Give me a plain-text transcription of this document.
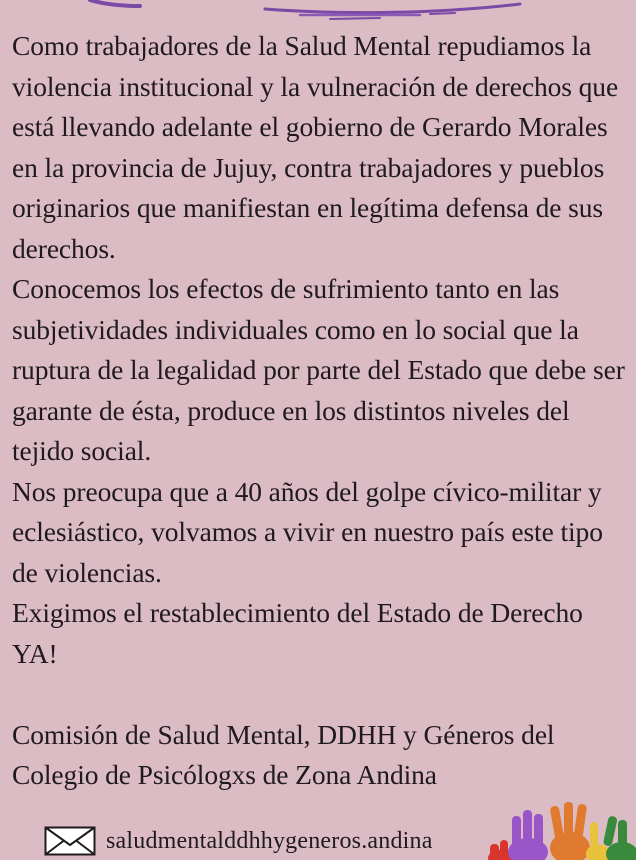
Como trabajadores de la Salud Mental repudiamos la violencia institucional y la vulneración de derechos que está llevando adelante el gobierno de Gerardo Morales en la provincia de Jujuy, contra trabajadores y pueblos originarios que manifiestan en legítima defensa de sus derechos.

Conocemos los efectos de sufrimiento tanto en las subjetividades individuales como en lo social que la ruptura de la legalidad por parte del Estado que debe ser garante de ésta, produce en los distintos niveles del tejido social.

Nos preocupa que a 40 años del golpe cívico-militar y eclesiástico, volvamos a vivir en nuestro país este tipo de violencias.

Exigimos el restablecimiento del Estado de Derecho YA!

Comisión de Salud Mental, DDHH y Géneros del Colegio de Psicólogxs de Zona Andina

saludmentalddhhygeneros.andina
